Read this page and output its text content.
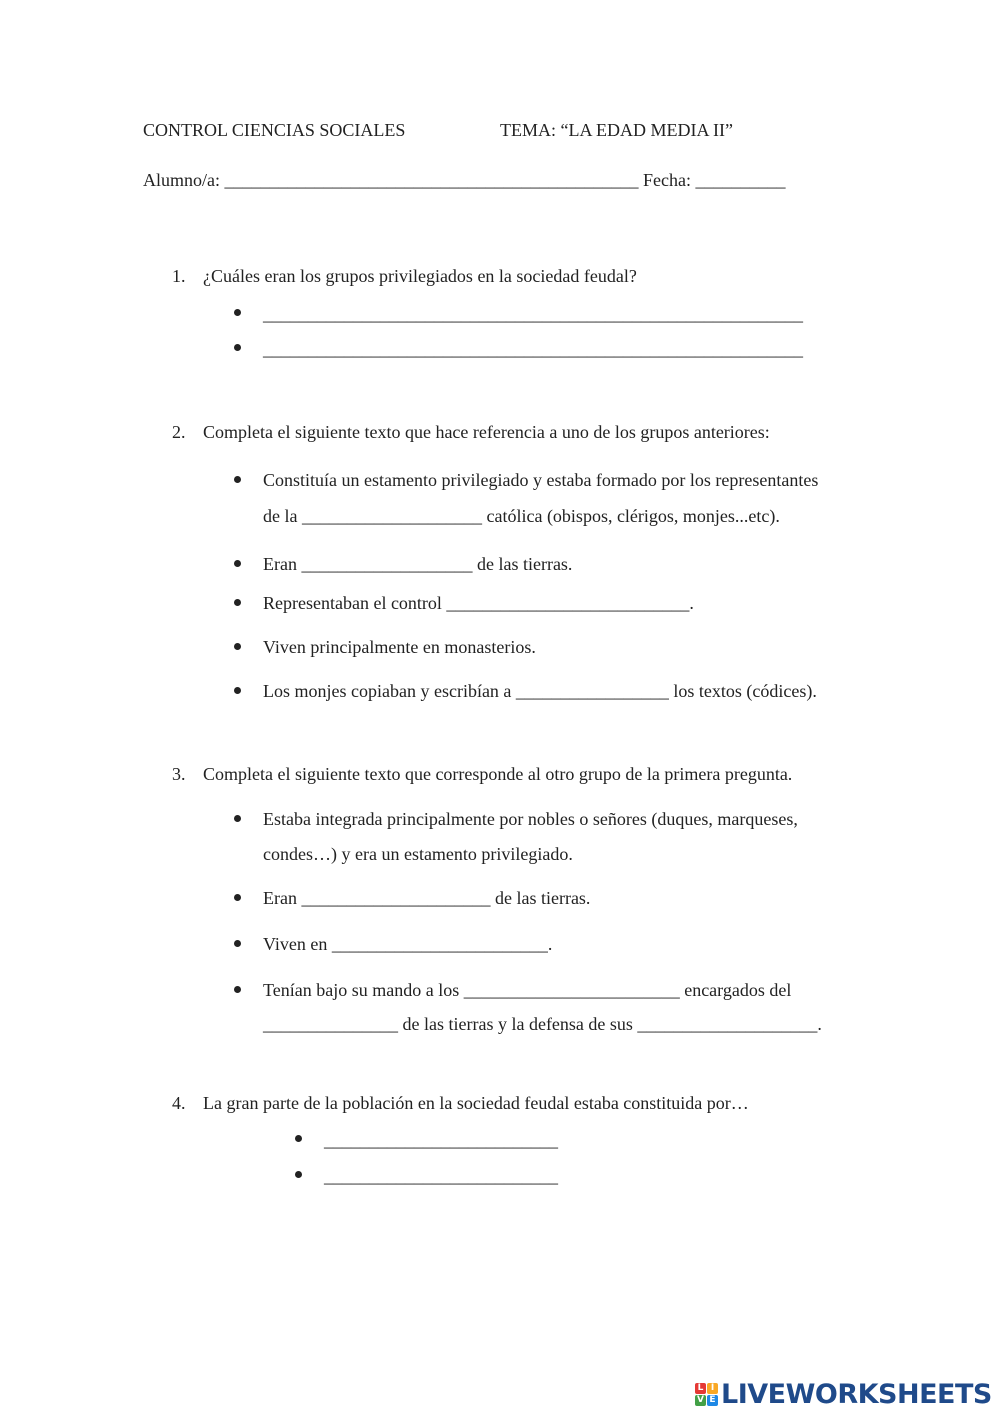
CONTROL CIENCIAS SOCIALES	TEMA: “LA EDAD MEDIA II”
Alumno/a: ______________________________________________ Fecha: __________
1. ¿Cuáles eran los grupos privilegiados en la sociedad feudal?
____________________________________________________________
____________________________________________________________
2. Completa el siguiente texto que hace referencia a uno de los grupos anteriores:
Constituía un estamento privilegiado y estaba formado por los representantes
de la ____________________ católica (obispos, clérigos, monjes...etc).
Eran ___________________ de las tierras.
Representaban el control ___________________________.
Viven principalmente en monasterios.
Los monjes copiaban y escribían a _________________ los textos (códices).
3. Completa el siguiente texto que corresponde al otro grupo de la primera pregunta.
Estaba integrada principalmente por nobles o señores (duques, marqueses,
condes…) y era un estamento privilegiado.
Eran _____________________ de las tierras.
Viven en ________________________.
Tenían bajo su mando a los ________________________ encargados del
_______________ de las tierras y la defensa de sus ____________________.
4. La gran parte de la población en la sociedad feudal estaba constituida por…
__________________________
__________________________
L I
V E LIVEWORKSHEETS
